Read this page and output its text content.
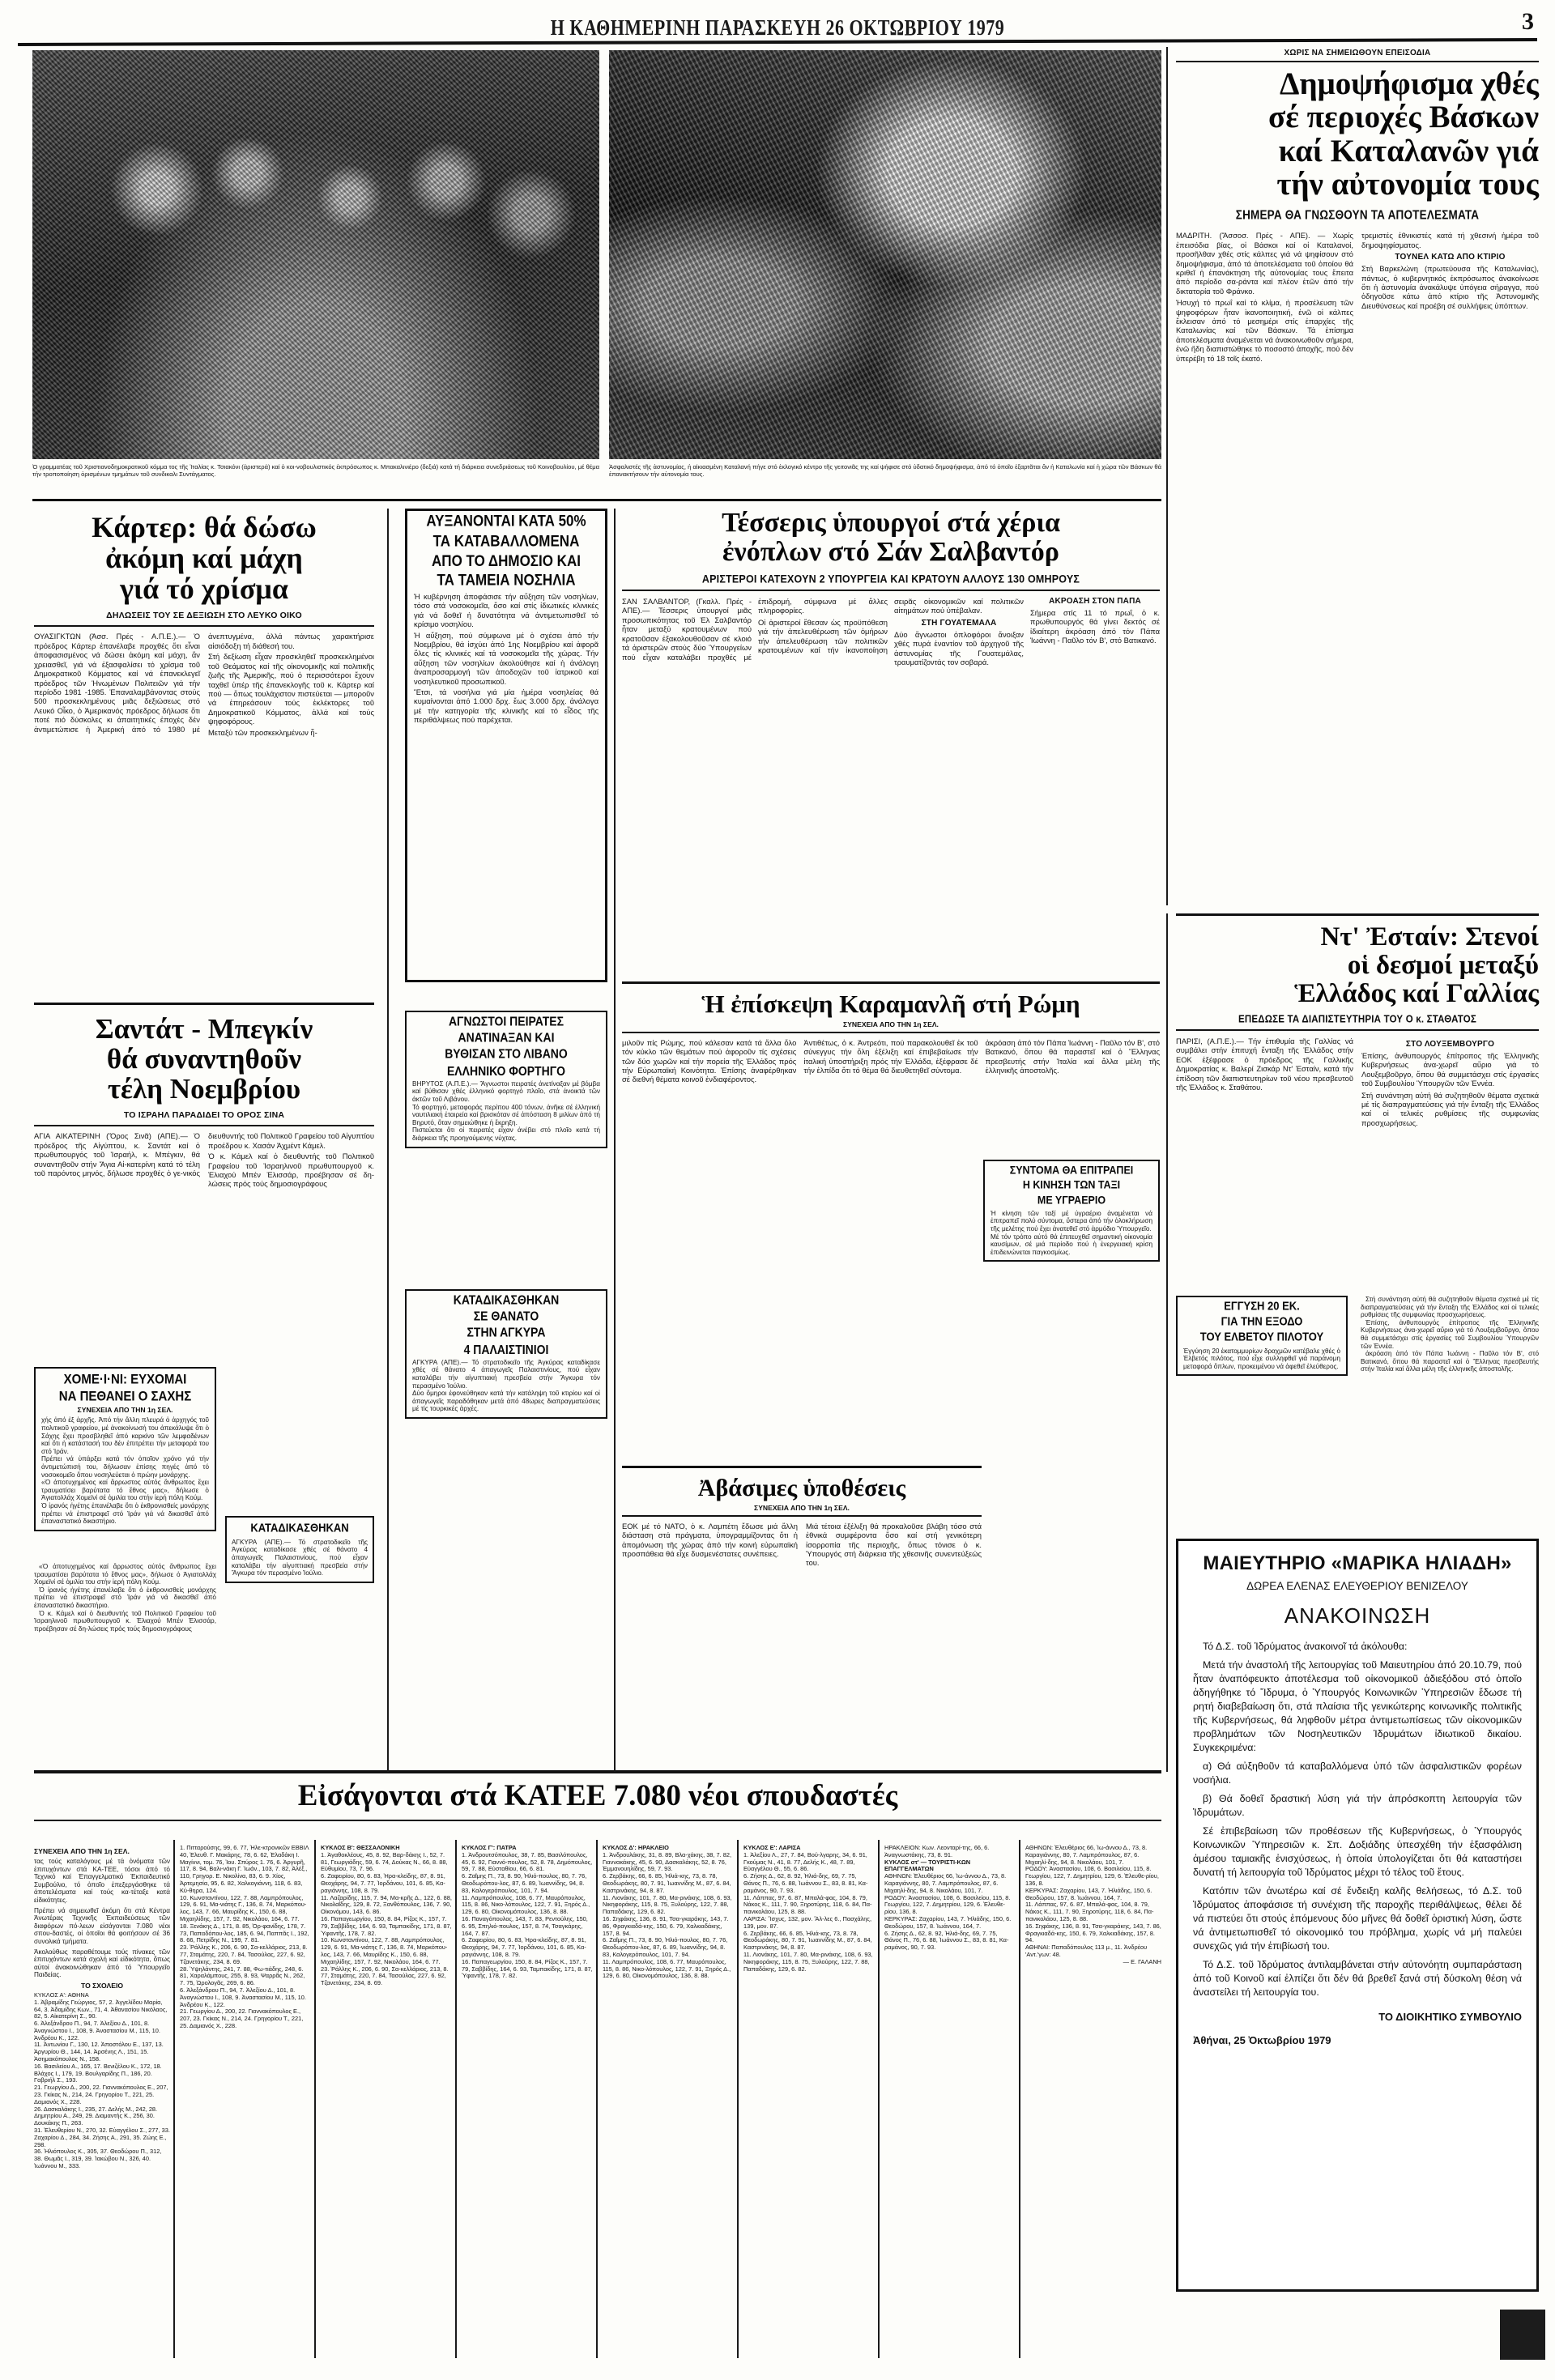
Η ΚΑΘΗΜΕΡΙΝΗ ΠΑΡΑΣΚΕΥΗ 26 ΟΚΤΩΒΡΙΟΥ 1979	3
Ὁ γραμματέας τοῦ Χριστιανοδημοκρατικοῦ κόμμα τος τῆς Ἰταλίας κ. Τσιακόνι (ἀριστερά) καί ὁ κοι-νοβουλιστικός ἐκπρόσωπος κ. Μπακαλινιέρο (δεξιά) κατά τή διάρκεια συνεδριάσεως τοῦ Κοινοβουλίου, μέ θέμα τήν τροποποίηση ὁρισμένων τμημάτων τοῦ συνδικαλι Συντάγματος.
Ἀσφαλιστές τῆς ἀστυνομίας, ἡ αἱκιασμένη Καταλανή πήγε στό ἐκλογικό κέντρο τῆς γειτονιᾶς της καί ψήφισε στό ὑδατικό δημοψήφισμα, ἀπό τό ὁποῖο ἐξαρτᾶται ἄν ἡ Καταλωνία καί ἡ χώρα τῶν Βάσκων θά ἐπανακτήσουν τήν αὐτονομία τους.
ΧΩΡΙΣ ΝΑ ΣΗΜΕΙΩΘΟΥΝ ΕΠΕΙΣΟΔΙΑ
Δημοψήφισμα χθές
σέ περιοχές Βάσκων
καί Καταλανῶν γιά
τήν αὐτονομία τους
ΣΗΜΕΡΑ ΘΑ ΓΝΩΣΘΟΥΝ ΤΑ ΑΠΟΤΕΛΕΣΜΑΤΑ
ΜΑΔΡΙΤΗ. (Ἄσσοσ. Πρές - ΑΠΕ). — Χωρίς ἐπεισόδια βίας, οἱ Βάσκοι καί οἱ Καταλανοί, προσῆλθαν χθές στίς κάλπες γιά νά ψηφίσουν στό δημοψήφισμα, ἀπό τά ἀποτελέσματα τοῦ ὁποίου θά κριθεῖ ἡ ἐπανάκτηση τῆς αὐτονομίας τους ἔπειτα ἀπό περίοδο σα-ράντα καί πλέον ἐτῶν ἀπό τήν δικτατορία τοῦ Φράνκο.
Ἡσυχή τό πρωΐ καί τό κλίμα, ἡ προσέλευση τῶν ψηφοφόρων ἦταν ἱκανοποιητική, ἐνῶ οἱ κάλπες ἔκλεισαν ἀπό τό μεσημέρι στίς ἐπαρχίες τῆς Καταλωνίας καί τῶν Βάσκων. Τά ἐπίσημα ἀποτελέσματα ἀναμένεται νά ἀνακοινωθοῦν σήμερα, ἐνῶ ἤδη διαπιστώθηκε τό ποσοστό ἀποχῆς, πού δέν ὑπερέβη τό 18 τοῖς ἑκατό.
τρεμιστές ἐθνικιστές κατά τή χθεσινή ἡμέρα τοῦ δημοψηφίσματος.
ΤΟΥΝΕΛ ΚΑΤΩ ΑΠΟ ΚΤΙΡΙΟ
Στή Βαρκελώνη (πρωτεύουσα τῆς Καταλωνίας), πάντως, ὁ κυβερνητικός ἐκπρόσωπος ἀνακοίνωσε ὅτι ἡ ἀστυνομία ἀνακάλυψε ὑπόγεια σήραγγα, πού ὁδηγοῦσε κάτω ἀπό κτίριο τῆς Ἀστυνομικῆς Διευθύνσεως καί προέβη σέ συλλήψεις ὑπόπτων.
Κάρτερ: θά δώσω
ἀκόμη καί μάχη
γιά τό χρίσμα
ΔΗΛΩΣΕΙΣ ΤΟΥ ΣΕ ΔΕΞΙΩΣΗ ΣΤΟ ΛΕΥΚΟ ΟΙΚΟ
ΟΥΑΣΙΓΚΤΩΝ (Ἀσσ. Πρές - Α.Π.Ε.).— Ὁ πρόεδρος Κάρτερ ἐπανέλαβε προχθές ὅτι εἶναι ἀποφασισμένος νά δώσει ἀκόμη καί μάχη, ἄν χρειασθεῖ, γιά νά ἐξασφαλίσει τό χρίσμα τοῦ Δημοκρατικοῦ Κόμματος καί νά ἐπανεκλεγεῖ πρόεδρος τῶν Ἡνωμένων Πολιτειῶν γιά τήν περίοδο 1981 -1985. Ἐπαναλαμβάνοντας στούς 500 προσκεκλημένους μιᾶς δεξιώσεως στό Λευκό Οἶκο, ὁ Ἀμερικανός πρόεδρος δήλωσε ὅτι ποτέ πιό δύσκολες κι ἀπαιτητικές ἐποχές δέν ἀντιμετώπισε ἡ Ἀμερική ἀπό τό 1980 μέ ἀνεπτυγμένα, ἀλλά πάντως χαρακτήρισε αἰσιόδοξη τή διάθεσή του.
Στή δεξίωση εἶχαν προσκληθεῖ προσκεκλημένοι τοῦ Θεάματος καί τῆς οἰκονομικῆς καί πολιτικῆς ζωῆς τῆς Ἀμερικῆς, πού ὁ περισσότεροι ἔχουν ταχθεῖ ὑπέρ τῆς ἐπανεκλογῆς τοῦ κ. Κάρτερ καί πού — ὅπως τουλάχιστον πιστεύεται — μποροῦν νά ἐπηρεάσουν τούς ἐκλέκτορες τοῦ Δημοκρατικοῦ Κόμματος, ἀλλά καί τούς ψηφοφόρους.
Μεταξύ τῶν προσκεκλημένων ἦ-
ΑΥΞΑΝΟΝΤΑΙ ΚΑΤΑ 50%
ΤΑ ΚΑΤΑΒΑΛΛΟΜΕΝΑ
ΑΠΟ ΤΟ ΔΗΜΟΣΙΟ ΚΑΙ
ΤΑ ΤΑΜΕΙΑ ΝΟΣΗΛΙΑ
Ἡ κυβέρνηση ἀποφάσισε τήν αὔξηση τῶν νοσηλίων, τόσο στά νοσοκομεῖα, ὅσο καί στίς ἰδιωτικές κλινικές γιά νά δοθεῖ ἡ δυνατότητα νά ἀντιμετωπισθεῖ τό κρίσιμο νοσηλίου.
Ἡ αὔξηση, πού σύμφωνα μέ ὁ σχέσει ἀπό τήν Νοεμβρίου, θά ἰσχύει ἀπό 1ης Νοεμβρίου καί ἀφορᾶ ὅλες τίς κλινικές καί τά νοσοκομεῖα τῆς χώρας. Τήν αὔξηση τῶν νοσηλίων ἀκολούθησε καί ἡ ἀνάλογη ἀναπροσαρμογή τῶν ἀποδοχῶν τοῦ ἰατρικοῦ καί νοσηλευτικοῦ προσωπικοῦ.
Ἔτσι, τά νοσήλια γιά μία ἡμέρα νοσηλείας θά κυμαίνονται ἀπό 1.000 δρχ. ἕως 3.000 δρχ. ἀνάλογα μέ τήν κατηγορία τῆς κλινικῆς καί τό εἶδος τῆς περιθάλψεως πού παρέχεται.
Τέσσερις ὑπουργοί στά χέρια
ἐνόπλων στό Σάν Σαλβαντόρ
ΑΡΙΣΤΕΡΟΙ ΚΑΤΕΧΟΥΝ 2 ΥΠΟΥΡΓΕΙΑ ΚΑΙ ΚΡΑΤΟΥΝ ΑΛΛΟΥΣ 130 ΟΜΗΡΟΥΣ
ΣΑΝ ΣΑΛΒΑΝΤΟΡ, (Γκαλλ. Πρές - ΑΠΕ).— Τέσσερις ὑπουργοί μιᾶς προσωπικότητας τοῦ Ἐλ Σαλβαντόρ ἦταν μεταξύ κρατουμένων πού κρατοῦσαν ἐξακολουθοῦσαν σέ κλοιό τά ἀριστερῶν στούς δύο Ὑπουργείων πού εἶχαν καταλάβει προχθές μέ ἐπιδρομή, σύμφωνα μέ ἄλλες πληροφορίες.
Οἱ ἀριστεροί ἔθεσαν ὡς προϋπόθεση γιά τήν ἀπελευθέρωση τῶν ὁμήρων τήν ἀπελευθέρωση τῶν πολιτικῶν κρατουμένων καί τήν ἱκανοποίηση σειρᾶς οἰκονομικῶν καί πολιτικῶν αἰτημάτων πού ὑπέβαλαν.
ΣΤΗ ΓΟΥΑΤΕΜΑΛΑ
Δύο ἄγνωστοι ὁπλοφόροι ἄνοιξαν χθές πυρά ἐναντίον τοῦ ἀρχηγοῦ τῆς ἀστυνομίας τῆς Γουατεμάλας, τραυματίζοντάς τον σοβαρά.
ΑΚΡΟΑΣΗ ΣΤΟΝ ΠΑΠΑ
Σήμερα στίς 11 τό πρωΐ, ὁ κ. πρωθυπουργός θά γίνει δεκτός σέ ἰδιαίτερη ἀκρόαση ἀπό τόν Πάπα Ἰωάννη - Παῦλο τόν Β', στό Βατικανό.
Σαντάτ - Μπεγκίν
θά συναντηθοῦν
τέλη Νοεμβρίου
ΤΟ ΙΣΡΑΗΛ ΠΑΡΑΔΙΔΕΙ ΤΟ ΟΡΟΣ ΣΙΝΑ
ΑΓΙΑ ΑΙΚΑΤΕΡΙΝΗ (Ὄρος Σινᾶ) (ΑΠΕ).— Ὁ πρόεδρος τῆς Αἰγύπτου, κ. Σαντάτ καί ὁ πρωθυπουργός τοῦ Ἰσραήλ, κ. Μπέγκιν, θά συναντηθοῦν στήν Ἅγια Αἰ-κατερίνη κατά τό τέλη τοῦ παρόντος μηνός, δήλωσε προχθές ὁ γε-νικός διευθυντής τοῦ Πολιτικοῦ Γραφείου τοῦ Αἰγυπτίου προέδρου κ. Χασάν Ἀχμέντ Κάμελ.
Ὁ κ. Κάμελ καί ὁ διευθυντής τοῦ Πολιτικοῦ Γραφείου τοῦ Ἰσραηλινοῦ πρωθυπουργοῦ κ. Ἐλιαχού Μπέν Ἐλισσάρ, προέβησαν σέ δη-λώσεις πρός τούς δημοσιογράφους
ΧΟΜΕ·Ι·ΝΙ: ΕΥΧΟΜΑΙ
ΝΑ ΠΕΘΑΝΕΙ Ο ΣΑΧΗΣ
ΣΥΝΕΧΕΙΑ ΑΠΟ ΤΗΝ 1η ΣΕΛ.
χής ἀπό ἐξ ἀρχῆς. Ἀπό τήν ἄλλη πλευρά ὁ ἀρχηγός τοῦ πολιτικοῦ γραφείου, μέ ἀνακοίνωσή του ἀπεκάλυψε ὅτι ὁ Σάχης ἔχει προσβληθεῖ ἀπό καρκίνο τῶν λεμφαδένων καί ὅτι ἡ κατάστασή του δέν ἐπιτρέπει τήν μεταφορά του στό Ἰράν.
Πρέπει νά ὑπάρξει κατά τόν ὁποῖον χρόνο γιά τήν ἀντιμετώπισή του, δήλωσαν ἐπίσης πηγές ἀπό τό νοσοκομεῖο ὅπου νοσηλεύεται ὁ πρώην μονάρχης.
«Ὁ ἀποτυχημένος καί ἄρρωστος αὐτός ἄνθρωπος ἔχει τραυματίσει βαρύτατα τό ἔθνος μας», δήλωσε ὁ Ἀγιατολλάχ Χομεϊνί σέ ὁμιλία του στήν ἱερή πόλη Κούμ.
Ὁ ἰρανός ἡγέτης ἐπανέλαβε ὅτι ὁ ἐκθρονισθείς μονάρχης πρέπει νά ἐπιστραφεῖ στό Ἰράν γιά νά δικασθεῖ ἀπό ἐπαναστατικό δικαστήριο.

«Ὁ ἀποτυχημένος καί ἄρρωστος αὐτός ἄνθρωπος ἔχει τραυματίσει βαρύτατα τό ἔθνος μας», δήλωσε ὁ Ἀγιατολλάχ Χομεϊνί σέ ὁμιλία του στήν ἱερή πόλη Κούμ.

Ὁ ἰρανός ἡγέτης ἐπανέλαβε ὅτι ὁ ἐκθρονισθείς μονάρχης πρέπει νά ἐπιστραφεῖ στό Ἰράν γιά νά δικασθεῖ ἀπό ἐπαναστατικό δικαστήριο.

Ὁ κ. Κάμελ καί ὁ διευθυντής τοῦ Πολιτικοῦ Γραφείου τοῦ Ἰσραηλινοῦ πρωθυπουργοῦ κ. Ἐλιαχού Μπέν Ἐλισσάρ, προέβησαν σέ δη-λώσεις πρός τούς δημοσιογράφους

ΚΑΤΑΔΙΚΑΣΘΗΚΑΝ
ΑΓΚΥΡΑ (ΑΠΕ).— Τό στρατοδικεῖο τῆς Ἀγκύρας καταδίκασε χθές σέ θάνατο 4 ἀπαγωγεῖς Παλαιστινίους, πού εἶχαν καταλάβει τήν αἰγυπτιακή πρεσβεία στήν Ἄγκυρα τόν περασμένο Ἰούλιο.
ΑΓΝΩΣΤΟΙ ΠΕΙΡΑΤΕΣ
ΑΝΑΤΙΝΑΞΑΝ ΚΑΙ
ΒΥΘΙΣΑΝ ΣΤΟ ΛΙΒΑΝΟ
ΕΛΛΗΝΙΚΟ ΦΟΡΤΗΓΟ
ΒΗΡΥΤΟΣ (Α.Π.Ε.).— Ἄγνωστοι πειρατές ἀνετίναξαν μέ βόμβα καί βύθισαν χθές ἑλληνικό φορτηγό πλοῖο, στά ἀνοικτά τῶν ἀκτῶν τοῦ Λιβάνου.
Τό φορτηγό, μεταφοράς περίπου 400 τόνων, ἀνῆκε σέ ἑλληνική ναυτιλιακή ἑταιρεία καί βρισκόταν σέ ἀπόσταση 8 μιλίων ἀπό τή Βηρυτό, ὅταν σημειώθηκε ἡ ἔκρηξη.
Πιστεύεται ὅτι οἱ πειρατές εἶχαν ἀνέβει στό πλοῖο κατά τή διάρκεια τῆς προηγούμενης νύχτας.
ΚΑΤΑΔΙΚΑΣΘΗΚΑΝ
ΣΕ ΘΑΝΑΤΟ
ΣΤΗΝ ΑΓΚΥΡΑ
4 ΠΑΛΑΙΣΤΙΝΙΟΙ
ΑΓΚΥΡΑ (ΑΠΕ).— Τό στρατοδικεῖο τῆς Ἀγκύρας καταδίκασε χθές σέ θάνατο 4 ἀπαγωγεῖς Παλαιστινίους, πού εἶχαν καταλάβει τήν αἰγυπτιακή πρεσβεία στήν Ἄγκυρα τόν περασμένο Ἰούλιο.
Δύο ὅμηροι ἐφονεύθηκαν κατά τήν κατάληψη τοῦ κτιρίου καί οἱ ἀπαγωγεῖς παραδόθηκαν μετά ἀπό 48ωρες διαπραγματεύσεις μέ τίς τουρκικές ἀρχές.
Ἡ ἐπίσκεψη Καραμανλῆ στή Ρώμη
ΣΥΝΕΧΕΙΑ ΑΠΟ ΤΗΝ 1η ΣΕΛ.
μιλοῦν πίς Ρώμης, πού κάλεσαν κατά τά ἄλλα ὅλο τόν κύκλο τῶν θεμάτων πού ἀφοροῦν τίς σχέσεις τῶν δύο χωρῶν καί τήν πορεία τῆς Ἑλλάδος πρός τήν Εὐρωπαϊκή Κοινότητα. Ἐπίσης ἀναφέρθηκαν σέ διεθνή θέματα κοινοῦ ἐνδιαφέροντος.
Ἀντιθέτως, ὁ κ. Ἀντρεότι, πού παρακολουθεῖ ἐκ τοῦ σύνεγγυς τήν ὅλη ἐξέλιξη καί ἐπιβεβαίωσε τήν ἰταλική ὑποστήριξη πρός τήν Ἑλλάδα, ἐξέφρασε δέ τήν ἐλπίδα ὅτι τό θέμα θά διευθετηθεῖ σύντομα.
ἀκρόαση ἀπό τόν Πάπα Ἰωάννη - Παῦλο τόν Β', στό Βατικανό, ὅπου θά παραστεῖ καί ὁ Ἕλληνας πρεσβευτής στήν Ἰταλία καί ἄλλα μέλη τῆς ἑλληνικῆς ἀποστολῆς.
ΣΥΝΤΟΜΑ ΘΑ ΕΠΙΤΡΑΠΕΙ
Η ΚΙΝΗΣΗ ΤΩΝ ΤΑΞΙ
ΜΕ ΥΓΡΑΕΡΙΟ
Ἡ κίνηση τῶν ταξί μέ ὑγραέριο ἀναμένεται νά ἐπιτραπεῖ πολύ σύντομα, ὕστερα ἀπό τήν ὁλοκλήρωση τῆς μελέτης πού ἔχει ἀνατεθεῖ στό ἁρμόδιο Ὑπουργεῖο.
Μέ τόν τρόπο αὐτό θά ἐπιτευχθεῖ σημαντική οἰκονομία καυσίμων, σέ μιά περίοδο πού ἡ ἐνεργειακή κρίση ἐπιδεινώνεται παγκοσμίως.
Ἀβάσιμες ὑποθέσεις
ΣΥΝΕΧΕΙΑ ΑΠΟ ΤΗΝ 1η ΣΕΛ.
ΕΟΚ μέ τό ΝΑΤΟ, ὁ κ. Λαμπέτη ἔδωσε μιά ἄλλη διάσταση στά πράγματα, ὑπογραμμίζοντας ὅτι ἡ ἀπομόνωση τῆς χώρας ἀπό τήν κοινή εὐρωπαϊκή προσπάθεια θά εἶχε δυσμενέστατες συνέπειες.
Μιά τέτοια ἐξέλιξη θά προκαλοῦσε βλάβη τόσο στά ἐθνικά συμφέροντα ὅσο καί στή γενικότερη ἰσορροπία τῆς περιοχῆς, ὅπως τόνισε ὁ κ. Ὑπουργός στή διάρκεια τῆς χθεσινῆς συνεντεύξεώς του.
Ντ' Ἐσταίν: Στενοί
οἱ δεσμοί μεταξύ
Ἑλλάδος καί Γαλλίας
ΕΠΕΔΩΣΕ ΤΑ ΔΙΑΠΙΣΤΕΥΤΗΡΙΑ ΤΟΥ Ο κ. ΣΤΑΘΑΤΟΣ
ΠΑΡΙΣΙ, (Α.Π.Ε.).— Τήν ἐπιθυμία τῆς Γαλλίας νά συμβάλει στήν ἐπιτυχή ἔνταξη τῆς Ἑλλάδος στήν ΕΟΚ ἐξέφρασε ὁ πρόεδρος τῆς Γαλλικῆς Δημοκρατίας κ. Βαλερί Ζισκάρ Ντ' Ἐσταίν, κατά τήν ἐπίδοση τῶν διαπιστευτηρίων τοῦ νέου πρεσβευτοῦ τῆς Ἑλλάδος κ. Σταθάτου.
ΣΤΟ ΛΟΥΞΕΜΒΟΥΡΓΟ
Ἐπίσης, ἀνθυπουργός ἐπίτροπος τῆς Ἑλληνικῆς Κυβερνήσεως ἀνα-χωρεῖ αὔριο γιά τό Λουξεμβοῦργο, ὅπου θά συμμετάσχει στίς ἐργασίες τοῦ Συμβουλίου Ὑπουργῶν τῶν Ἐννέα.
Στή συνάντηση αὐτή θά συζητηθοῦν θέματα σχετικά μέ τίς διαπραγματεύσεις γιά τήν ἔνταξη τῆς Ἑλλάδος καί οἱ τελικές ρυθμίσεις τῆς συμφωνίας προσχωρήσεως.
ΕΓΓΥΣΗ 20 ΕΚ.
ΓΙΑ ΤΗΝ ΕΞΟΔΟ
ΤΟΥ ΕΛΒΕΤΟΥ ΠΙΛΟΤΟΥ
Ἐγγύηση 20 ἑκατομμυρίων δραχμῶν κατέβαλε χθές ὁ Ἐλβετός πιλότος, πού εἶχε συλληφθεῖ γιά παράνομη μεταφορά ὅπλων, προκειμένου νά ἀφεθεῖ ἐλεύθερος.

Στή συνάντηση αὐτή θά συζητηθοῦν θέματα σχετικά μέ τίς διαπραγματεύσεις γιά τήν ἔνταξη τῆς Ἑλλάδος καί οἱ τελικές ρυθμίσεις τῆς συμφωνίας προσχωρήσεως.

Ἐπίσης, ἀνθυπουργός ἐπίτροπος τῆς Ἑλληνικῆς Κυβερνήσεως ἀνα-χωρεῖ αὔριο γιά τό Λουξεμβοῦργο, ὅπου θά συμμετάσχει στίς ἐργασίες τοῦ Συμβουλίου Ὑπουργῶν τῶν Ἐννέα.

ἀκρόαση ἀπό τόν Πάπα Ἰωάννη - Παῦλο τόν Β', στό Βατικανό, ὅπου θά παραστεῖ καί ὁ Ἕλληνας πρεσβευτής στήν Ἰταλία καί ἄλλα μέλη τῆς ἑλληνικῆς ἀποστολῆς.

ΜΑΙΕΥΤΗΡΙΟ «ΜΑΡΙΚΑ ΗΛΙΑΔΗ»
ΔΩΡΕΑ ΕΛΕΝΑΣ ΕΛΕΥΘΕΡΙΟΥ ΒΕΝΙΖΕΛΟΥ
ΑΝΑΚΟΙΝΩΣΗ

Τό Δ.Σ. τοῦ Ἱδρύματος ἀνακοινοῖ τά ἀκόλουθα:

Μετά τήν ἀναστολή τῆς λειτουργίας τοῦ Μαιευτηρίου ἀπό 20.10.79, πού ἦταν ἀναπόφευκτο ἀποτέλεσμα τοῦ οἰκονομικοῦ ἀδιεξόδου στό ὁποῖο ἀδηγήθηκε τό Ἵδρυμα, ὁ Ὑπουργός Κοινωνικῶν Ὑπηρεσιῶν ἔδωσε τή ρητή διαβεβαίωση ὅτι, στά πλαίσια τῆς γενικώτερης κοινωνικῆς πολιτικῆς τῆς Κυβερνήσεως, θά ληφθοῦν μέτρα ἀντιμετωπίσεως τῶν οἰκονομικῶν προβλημάτων τῶν Νοσηλευτικῶν Ἱδρυμάτων ἰδιωτικοῦ δικαίου. Συγκεκριμένα:

α) Θά αὐξηθοῦν τά καταβαλλόμενα ὑπό τῶν ἀσφαλιστικῶν φορέων νοσήλια.

β) Θά δοθεῖ δραστική λύση γιά τήν ἀπρόσκοπτη λειτουργία τῶν Ἱδρυμάτων.

Σέ ἐπιβεβαίωση τῶν προθέσεων τῆς Κυβερνήσεως, ὁ Ὑπουργός Κοινωνικῶν Ὑπηρεσιῶν κ. Σπ. Δοξιάδης ὑπεσχέθη τήν ἐξασφάλιση ἀμέσου ταμιακῆς ἐνισχύσεως, ἡ ὁποία ὑπολογίζεται ὅτι θά καταστήσει δυνατή τή λειτουργία τοῦ Ἱδρύματος μέχρι τό τέλος τοῦ ἔτους.

Κατόπιν τῶν ἀνωτέρω καί σέ ἔνδειξη καλῆς θελήσεως, τό Δ.Σ. τοῦ Ἱδρύματος ἀποφάσισε τή συνέχιση τῆς παροχῆς περιθάλψεως, θέλει δέ νά πιστεύει ὅτι στούς ἑπόμενους δύο μῆνες θά δοθεῖ ὁριστική λύση, ὥστε νά ἀντιμετωπισθεῖ τό οἰκονομικό του πρόβλημα, χωρίς νά μή παλεύει συνεχῶς γιά τήν ἐπιβίωσή του.

Τό Δ.Σ. τοῦ Ἱδρύματος ἀντιλαμβάνεται στήν αὐτονόητη συμπαράσταση ἀπό τοῦ Κοινοῦ καί ἐλπίζει ὅτι δέν θά βρεθεῖ ξανά στή δύσκολη θέση νά ἀναστείλει τή λειτουργία του.

ΤΟ ΔΙΟΙΚΗΤΙΚΟ ΣΥΜΒΟΥΛΙΟ
Ἀθήναι, 25 Ὀκτωβρίου 1979
Εἰσάγονται στά ΚΑΤΕΕ 7.080 νέοι σπουδαστές
ΣΥΝΕΧΕΙΑ ΑΠΟ ΤΗΝ 1η ΣΕΛ.
τας τούς καταλόγους μέ τά ὀνόματα τῶν ἐπιτυχόντων στά ΚΑ-ΤΕΕ, τόσοι ἀπό τό Τεχνικό καί Ἐπαγγελματικό Ἐκπαιδευτικό Συμβούλιο, τό ὁποῖο ἐπεξεργάσθηκε τά ἀποτελέσματα καί τούς κα-τέταξε κατά εἰδικότητες.
Πρέπει νά σημειωθεῖ ἀκόμη ὅτι στά Κέντρα Ἀνωτέρας Τεχνικῆς Ἐκπαιδεύσεως τῶν διαφόρων πό-λεων εἰσάγονται 7.080 νέοι σπου-δαστές, οἱ ὁποῖοι θά φοιτήσουν σέ 36 συνολικά τμήματα.
Ἀκολούθως παραθέτουμε τούς πίνακες τῶν ἐπιτυχόντων κατά σχολή καί εἰδικότητα, ὅπως αὐτοί ἀνακοινώθηκαν ἀπό τό Ὑπουργεῖο Παιδείας.
ΤΟ ΣΧΟΛΕΙΟ
ΚΥΚΛΟΣ Α': ΑΘΗΝΑ
1. Ἀβραμίδης Γεώργιος, 57, 2. Ἀγγελίδου Μαρία, 64, 3. Ἀδαμίδης Κων., 71, 4. Ἀθανασίου Νικόλαος, 82, 5. Αἰκατερίνη Σ., 90.
6. Ἀλεξάνδρου Π., 94, 7. Ἀλεξίου Δ., 101, 8. Ἀναγνώστου Ι., 108, 9. Ἀναστασίου Μ., 115, 10. Ἀνδρέου Κ., 122.
11. Ἀντωνίου Γ., 130, 12. Ἀποστόλου Ε., 137, 13. Ἀργυρίου Θ., 144, 14. Ἀρσένης Λ., 151, 15. Ἀσημακόπουλος Ν., 158.
16. Βασιλείου Α., 165, 17. Βενιζέλου Κ., 172, 18. Βλάχος Ι., 179, 19. Βουλγαρίδης Π., 186, 20. Γαβριήλ Σ., 193.
21. Γεωργίου Δ., 200, 22. Γιαννακόπουλος Ε., 207, 23. Γκίκας Ν., 214, 24. Γρηγορίου Τ., 221, 25. Δαμιανός Χ., 228.
26. Δασκαλάκης Ι., 235, 27. Δελής Μ., 242, 28. Δημητρίου Α., 249, 29. Διαμαντής Κ., 256, 30. Δουκάκης Π., 263.
31. Ἐλευθερίου Ν., 270, 32. Εὐαγγέλου Σ., 277, 33. Ζαχαρίου Δ., 284, 34. Ζήσης Α., 291, 35. Ζώης Ε., 298.
36. Ἡλιόπουλος Κ., 305, 37. Θεοδώρου Π., 312, 38. Θωμᾶς Ι., 319, 39. Ἰακώβου Ν., 326, 40. Ἰωάννου Μ., 333.
1. Πιτταρούσης, 99, 6. 77, Ἡλε-κτρονικῶν ΕΒΒΙΛ 40, Ἐλευθ. Γ. Μακάρης, 78, 6. 62, Ἐλαδάκη Ι. Μαγίννι, τομ. 76, Ἰου. Σπύρος 1. 76, 6. Ἀργυρῆ, 117, 8. 94, Βαλι-νάκη Γ. Ἰωάν., 103, 7. 82, Ἀλέξ., 110, Γρηγορ. Ε. Νικολίνα, 83, 6. 9. Χίος, Ἀρτεμησία, 95, 6. 82, Χαλκογιάννη, 118, 6. 83, Κύ-θηρα, 124.
10. Κωνσταντίνου, 122, 7. 88, Λαμπρόπουλος, 129, 6. 91, Μα-νιάτης Γ., 136, 8. 74, Μαρκόπου-λος, 143, 7. 66, Μαυρίδης Κ., 150, 6. 88, Μιχαηλίδης, 157, 7. 92, Νικολάου, 164, 6. 77.
18. Ξενάκης Δ., 171, 8. 85, Ὀρ-φανίδης, 178, 7. 73, Παπαδόπου-λος, 185, 6. 94, Παππᾶς Ι., 192, 8. 66, Πετρίδης Ν., 199, 7. 81.
23. Ῥάλλης Κ., 206, 6. 90, Σα-κελλάριος, 213, 8. 77, Σταμάτης, 220, 7. 84, Τασούλας, 227, 6. 92, Τζανετάκης, 234, 8. 69.
28. Ὑψηλάντης, 241, 7. 88, Φω-τιάδης, 248, 6. 81, Χαραλάμπους, 255, 8. 93, Ψαρρᾶς Ν., 262, 7. 75, Ὠρολογᾶς, 269, 6. 86.
6. Ἀλεξάνδρου Π., 94, 7. Ἀλεξίου Δ., 101, 8. Ἀναγνώστου Ι., 108, 9. Ἀναστασίου Μ., 115, 10. Ἀνδρέου Κ., 122.
21. Γεωργίου Δ., 200, 22. Γιαννακόπουλος Ε., 207, 23. Γκίκας Ν., 214, 24. Γρηγορίου Τ., 221, 25. Δαμιανός Χ., 228.
ΚΥΚΛΟΣ Β': ΘΕΣΣΑΛΟΝΙΚΗ
1. Ἀγαθοκλέους, 45, 8. 92, Βαρ-δάκης Ι., 52, 7. 81, Γεωργιάδης, 59, 6. 74, Δούκας Ν., 66, 8. 88, Εὐθυμίου, 73, 7. 96.
6. Ζαφειρίου, 80, 6. 83, Ἡρα-κλείδης, 87, 8. 91, Θεοχάρης, 94, 7. 77, Ἰορδάνου, 101, 6. 85, Κα-ραγιάννης, 108, 8. 79.
11. Λαζαρίδης, 115, 7. 94, Μα-κρῆς Δ., 122, 6. 88, Νικολαΐδης, 129, 8. 72, Ξανθόπουλος, 136, 7. 90, Οἰκονόμου, 143, 6. 86.
16. Παπαγεωργίου, 150, 8. 84, Ρίζος Κ., 157, 7. 79, Σαββίδης, 164, 6. 93, Ταμπακίδης, 171, 8. 87, Ὑφαντῆς, 178, 7. 82.
10. Κωνσταντίνου, 122, 7. 88, Λαμπρόπουλος, 129, 6. 91, Μα-νιάτης Γ., 136, 8. 74, Μαρκόπου-λος, 143, 7. 66, Μαυρίδης Κ., 150, 6. 88, Μιχαηλίδης, 157, 7. 92, Νικολάου, 164, 6. 77.
23. Ῥάλλης Κ., 206, 6. 90, Σα-κελλάριος, 213, 8. 77, Σταμάτης, 220, 7. 84, Τασούλας, 227, 6. 92, Τζανετάκης, 234, 8. 69.
ΚΥΚΛΟΣ Γ': ΠΑΤΡΑ
1. Ἀνδρουτσόπουλος, 38, 7. 85, Βασιλόπουλος, 45, 6. 92, Γιαννό-πουλος, 52, 8. 78, Δημόπουλος, 59, 7. 88, Εὐσταθίου, 66, 6. 81.
6. Ζαΐμης Π., 73, 8. 90, Ἠλιό-πουλος, 80, 7. 76, Θεοδωρόπου-λος, 87, 6. 89, Ἰωαννίδης, 94, 8. 83, Καλογερόπουλος, 101, 7. 94.
11. Λαμπρόπουλος, 108, 6. 77, Μαυρόπουλος, 115, 8. 86, Νικο-λόπουλος, 122, 7. 91, Ξηρός Δ., 129, 6. 80, Οἰκονομόπουλος, 136, 8. 88.
16. Παναγόπουλος, 143, 7. 83, Ρεντούλης, 150, 6. 95, Σπηλιό-πουλος, 157, 8. 74, Τσαγκάρης, 164, 7. 87.
6. Ζαφειρίου, 80, 6. 83, Ἡρα-κλείδης, 87, 8. 91, Θεοχάρης, 94, 7. 77, Ἰορδάνου, 101, 6. 85, Κα-ραγιάννης, 108, 8. 79.
16. Παπαγεωργίου, 150, 8. 84, Ρίζος Κ., 157, 7. 79, Σαββίδης, 164, 6. 93, Ταμπακίδης, 171, 8. 87, Ὑφαντῆς, 178, 7. 82.
ΚΥΚΛΟΣ Δ': ΗΡΑΚΛΕΙΟ
1. Ἀνδρουλάκης, 31, 8. 89, Βλα-χάκης, 38, 7. 82, Γιαννακάκης, 45, 6. 90, Δασκαλάκης, 52, 8. 76, Ἐμμανουηλίδης, 59, 7. 93.
6. Ζερβάκης, 66, 6. 85, Ἠλιά-κης, 73, 8. 78, Θεοδωράκης, 80, 7. 91, Ἰωαννίδης Μ., 87, 6. 84, Καστρινάκης, 94, 8. 87.
11. Λιονάκης, 101, 7. 80, Μα-ρινάκης, 108, 6. 93, Νικηφοράκης, 115, 8. 75, Ξυλούρης, 122, 7. 88, Παπαδάκης, 129, 6. 82.
16. Σηφάκης, 136, 8. 91, Τσα-γκαράκης, 143, 7. 86, Φραγκιαδά-κης, 150, 6. 79, Χαλκιαδάκης, 157, 8. 94.
6. Ζαΐμης Π., 73, 8. 90, Ἠλιό-πουλος, 80, 7. 76, Θεοδωρόπου-λος, 87, 6. 89, Ἰωαννίδης, 94, 8. 83, Καλογερόπουλος, 101, 7. 94.
11. Λαμπρόπουλος, 108, 6. 77, Μαυρόπουλος, 115, 8. 86, Νικο-λόπουλος, 122, 7. 91, Ξηρός Δ., 129, 6. 80, Οἰκονομόπουλος, 136, 8. 88.
ΚΥΚΛΟΣ Ε': ΛΑΡΙΣΑ
1. Ἀλεξίου Λ., 27, 7. 84, Βού-λγαρης, 34, 6. 91, Γκούμας Ν., 41, 8. 77, Δελής Κ., 48, 7. 89, Εὐαγγέλου Θ., 55, 6. 86.
6. Ζήσης Δ., 62, 8. 92, Ἠλιά-δης, 69, 7. 75, Θάνος Π., 76, 6. 88, Ἰωάννου Σ., 83, 8. 81, Κα-ραμάνος, 90, 7. 93.
11. Λάππας, 97, 6. 87, Μπαλά-φας, 104, 8. 79, Νάκος Κ., 111, 7. 90, Ξηροτύρης, 118, 6. 84, Πα-πανικολάου, 125, 8. 88.
ΛΑΡΙΣΑ: Ἴσχυς, 132, μον. Ἄλ-λες 6., Πασχάλης, 139, μον. 87.
6. Ζερβάκης, 66, 6. 85, Ἠλιά-κης, 73, 8. 78, Θεοδωράκης, 80, 7. 91, Ἰωαννίδης Μ., 87, 6. 84, Καστρινάκης, 94, 8. 87.
11. Λιονάκης, 101, 7. 80, Μα-ρινάκης, 108, 6. 93, Νικηφοράκης, 115, 8. 75, Ξυλούρης, 122, 7. 88, Παπαδάκης, 129, 6. 82.
ΗΡΑΚΛΕΙΟΝ: Κων. Λεονταρί-της, 66, 6. Ἀναγνωστάκης, 73, 8. 91.
ΚΥΚΛΟΣ στ' — ΤΟΥΡΙΣΤΙ-ΚΩΝ ΕΠΑΓΓΕΛΜΑΤΩΝ
ΑΘΗΝΩΝ: Ἐλευθέριος 66, Ἰω-άννου Δ., 73, 8. Καραγιάννης, 80, 7. Λαμπρόπουλος, 87, 6. Μιχαηλί-δης, 94, 8. Νικολάου, 101, 7.
ΡΟΔΟΥ: Ἀναστασίου, 108, 6. Βασιλείου, 115, 8. Γεωργίου, 122, 7. Δημητρίου, 129, 6. Ἐλευθε-ρίου, 136, 8.
ΚΕΡΚΥΡΑΣ: Ζαχαρίου, 143, 7. Ἡλιάδης, 150, 6. Θεοδώρου, 157, 8. Ἰωάννου, 164, 7.
6. Ζήσης Δ., 62, 8. 92, Ἠλιά-δης, 69, 7. 75, Θάνος Π., 76, 6. 88, Ἰωάννου Σ., 83, 8. 81, Κα-ραμάνος, 90, 7. 93.
ΑΘΗΝΩΝ: Ἐλευθέριος 66, Ἰω-άννου Δ., 73, 8. Καραγιάννης, 80, 7. Λαμπρόπουλος, 87, 6. Μιχαηλί-δης, 94, 8. Νικολάου, 101, 7.
ΡΟΔΟΥ: Ἀναστασίου, 108, 6. Βασιλείου, 115, 8. Γεωργίου, 122, 7. Δημητρίου, 129, 6. Ἐλευθε-ρίου, 136, 8.
ΚΕΡΚΥΡΑΣ: Ζαχαρίου, 143, 7. Ἡλιάδης, 150, 6. Θεοδώρου, 157, 8. Ἰωάννου, 164, 7.
11. Λάππας, 97, 6. 87, Μπαλά-φας, 104, 8. 79, Νάκος Κ., 111, 7. 90, Ξηροτύρης, 118, 6. 84, Πα-πανικολάου, 125, 8. 88.
16. Σηφάκης, 136, 8. 91, Τσα-γκαράκης, 143, 7. 86, Φραγκιαδά-κης, 150, 6. 79, Χαλκιαδάκης, 157, 8. 94.
ΑΘΗΝΑΙ: Παπαδόπουλος 113 μ., 11. Ἀνδρέου 'Αντ.'γων: 48.
— Ε. ΓΑΛΑΝΗ
